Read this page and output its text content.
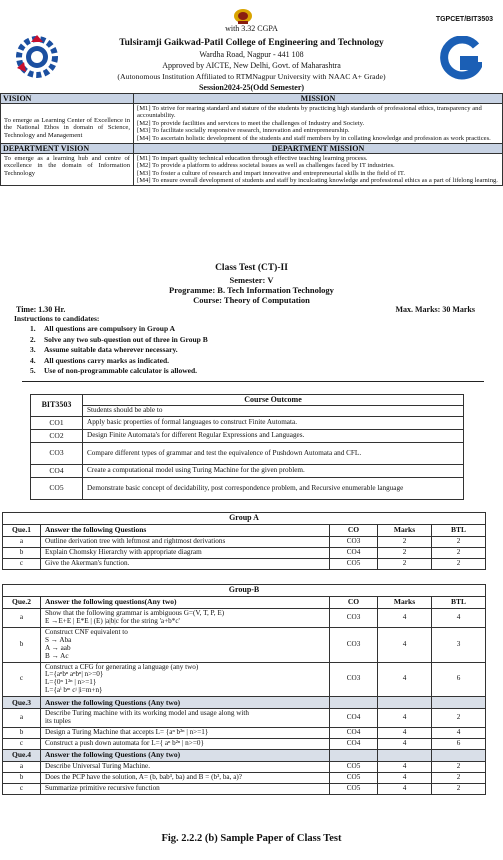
TGPCET/BIT3503
with 3.32 CGPA
Tulsiramji Gaikwad-Patil College of Engineering and Technology
Wardha Road, Nagpur - 441 108
Approved by AICTE, New Delhi, Govt. of Maharashtra
(Autonomous Institution Affiliated to RTMNagpur University with NAAC A+ Grade)
Session2024-25(Odd Semester)
VISION	MISSION

To emerge as Learning Center of Excellence in the National Ethos in domain of Science, Technology and Management	[M1] To strive for rearing standard and stature of the students by practicing high standards of professional ethics, transparency and accountability.
[M2] To provide facilities and services to meet the challenges of Industry and Society.
[M3] To facilitate socially responsive research, innovation and entrepreneurship.
[M4] To ascertain holistic development of the students and staff members by in collating knowledge and profession as work practices.

DEPARTMENT VISION	DEPARTMENT MISSION
To emerge as a learning hub and centre of excellence in the domain of Information Technology	[M1] To impart quality technical education through effective teaching learning process.
[M2] To provide a platform to address societal issues as well as challenges faced by IT industries.
[M3] To foster a culture of research and impart innovative and entrepreneurial skills in the field of IT.
[M4] To ensure overall development of students and staff by inculcating knowledge and professional ethics as a part of lifelong learning.
Class Test (CT)-II
Semester: V
Programme: B. Tech Information Technology
Course: Theory of Computation
Time: 1.30 Hr.	Max. Marks: 30 Marks
Instructions to candidates:
1. All questions are compulsory in Group A
2. Solve any two sub-question out of three in Group B
3. Assume suitable data wherever necessary.
4. All questions carry marks as indicated.
5. Use of non-programmable calculator is allowed.
BIT3503	Course Outcome
	Students should be able to
CO1	Apply basic properties of formal languages to construct Finite Automata.
CO2	Design Finite Automata's for different Regular Expressions and Languages.
CO3	Compare different types of grammar and test the equivalence of Pushdown Automata and CFL.
CO4	Create a computational model using Turing Machine for the given problem.
CO5	Demonstrate basic concept of decidability, post correspondence problem, and Recursive enumerable language
Group A				
Que.1	Answer the following Questions	CO	Marks	BTL
a	Outline derivation tree with leftmost and rightmost derivations	CO3	2	2
b	Explain Chomsky Hierarchy with appropriate diagram	CO4	2	2
c	Give the Akerman's function.	CO5	2	2
Group-B				
Que.2	Answer the following questions(Any two)	CO	Marks	BTL
a	Show that the following grammar is ambiguous G=(V, T, P, E)
E →E+E | E*E | (E) |a|b|c for the string 'a+b*c'	CO3	4	4
b	Construct CNF equivalent to
S → Aba
A → aab
B → Ac	CO3	4	3
c	Construct a CFG for generating a language (any two)
L={aⁿbⁿ aⁿbⁿ| n>=0}
L={0ⁿ 1²ⁿ | n>=1}
L={aⁱ bᵐ cʲ |i=m+n}	CO3	4	6
Que.3	Answer the following Questions (Any two)			
a	Describe Turing machine with its working model and usage along with
its tuples	CO4	4	2
b	Design a Turing Machine that accepts L= {aⁿ b²ⁿ | n>=1}	CO4	4	4
c	Construct a push down automata for L={ aⁿ b²ⁿ | n>=0}	CO4	4	6
Que.4	Answer the following Questions (Any two)			
a	Describe Universal Turing Machine.	CO5	4	2
b	Does the PCP have the solution, A= (b, bab³, ba) and B = (b³, ba, a)?	CO5	4	2
c	Summarize primitive recursive function	CO5	4	2
Fig. 2.2.2 (b) Sample Paper of Class Test
